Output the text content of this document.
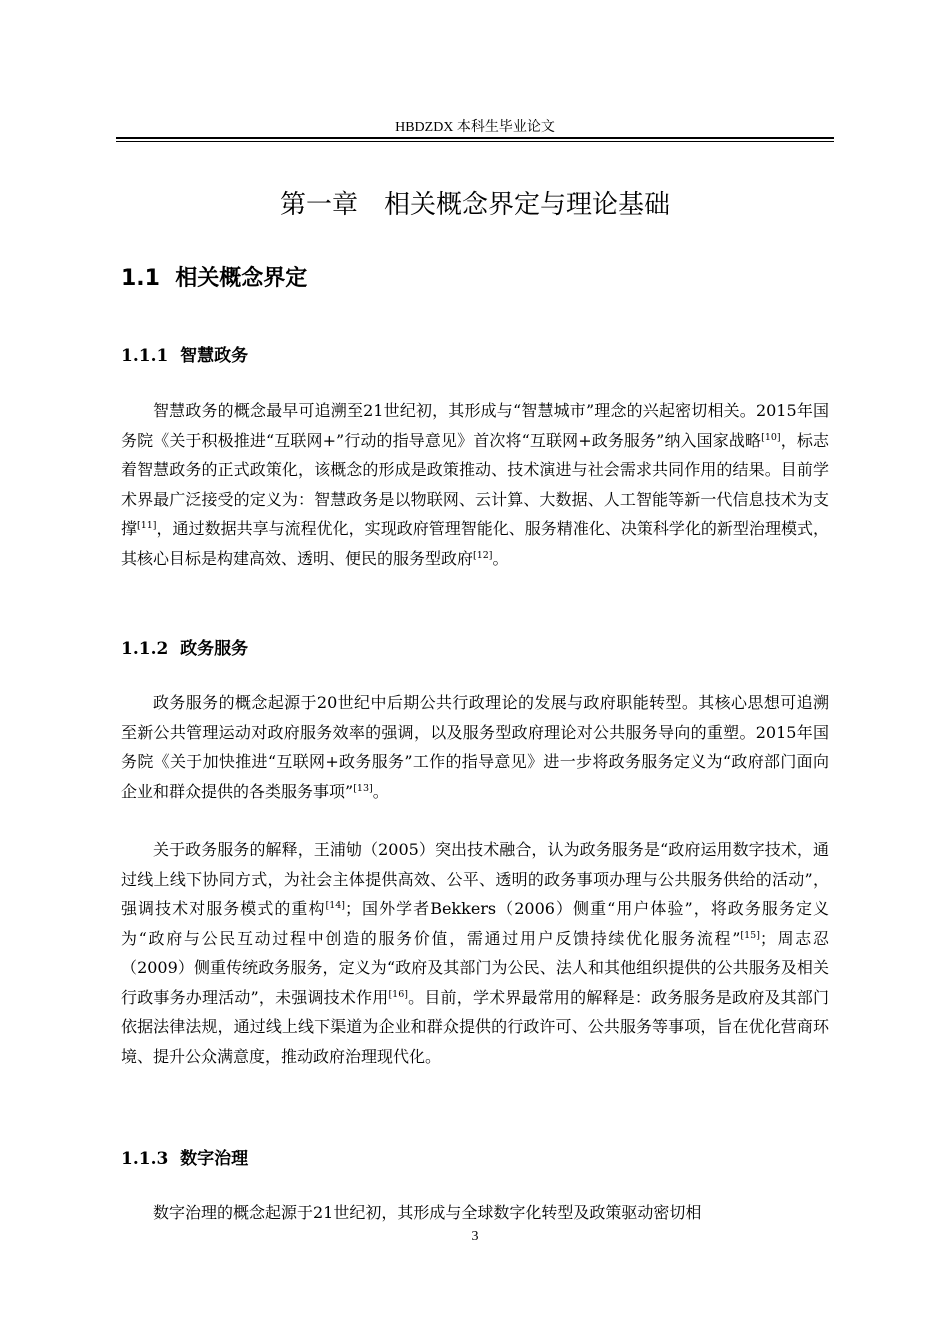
HBDZDX 本科生毕业论文
第一章　相关概念界定与理论基础
1.1  相关概念界定
1.1.1  智慧政务

智慧政务的概念最早可追溯至21世纪初，其形成与“智慧城市”理念的兴起密切相关。2015年国务院《关于积极推进“互联网+”行动的指导意见》首次将“互联网+政务服务”纳入国家战略[10]，标志着智慧政务的正式政策化，该概念的形成是政策推动、技术演进与社会需求共同作用的结果。目前学术界最广泛接受的定义为：智慧政务是以物联网、云计算、大数据、人工智能等新一代信息技术为支撑[11]，通过数据共享与流程优化，实现政府管理智能化、服务精准化、决策科学化的新型治理模式，其核心目标是构建高效、透明、便民的服务型政府[12]。

1.1.2  政务服务

政务服务的概念起源于20世纪中后期公共行政理论的发展与政府职能转型。其核心思想可追溯至新公共管理运动对政府服务效率的强调，以及服务型政府理论对公共服务导向的重塑。2015年国务院《关于加快推进“互联网+政务服务”工作的指导意见》进一步将政务服务定义为“政府部门面向企业和群众提供的各类服务事项”[13]。

关于政务服务的解释，王浦劬（2005）突出技术融合，认为政务服务是“政府运用数字技术，通过线上线下协同方式，为社会主体提供高效、公平、透明的政务事项办理与公共服务供给的活动”，强调技术对服务模式的重构[14]；国外学者Bekkers（2006）侧重“用户体验”，将政务服务定义为“政府与公民互动过程中创造的服务价值，需通过用户反馈持续优化服务流程”[15]；周志忍（2009）侧重传统政务服务，定义为“政府及其部门为公民、法人和其他组织提供的公共服务及相关行政事务办理活动”，未强调技术作用[16]。目前，学术界最常用的解释是：政务服务是政府及其部门依据法律法规，通过线上线下渠道为企业和群众提供的行政许可、公共服务等事项，旨在优化营商环境、提升公众满意度，推动政府治理现代化。

1.1.3  数字治理

数字治理的概念起源于21世纪初，其形成与全球数字化转型及政策驱动密切相

3
